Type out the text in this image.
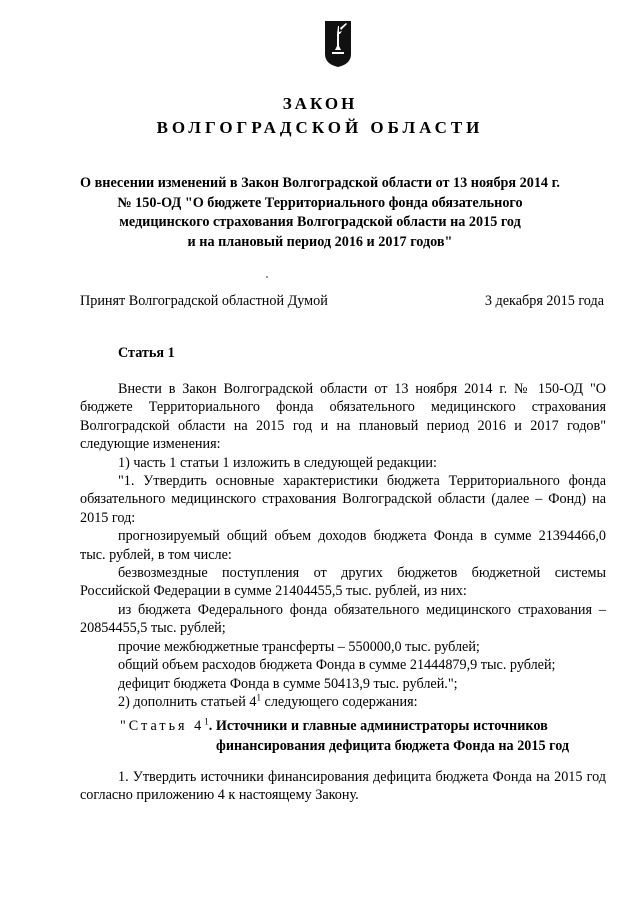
ЗАКОН
ВОЛГОГРАДСКОЙ ОБЛАСТИ
О внесении изменений в Закон Волгоградской области от 13 ноября 2014 г.
№ 150-ОД "О бюджете Территориального фонда обязательного
медицинского страхования Волгоградской области на 2015 год
и на плановый период 2016 и 2017 годов"
Принят Волгоградской областной Думой	3 декабря 2015 года
Статья 1

Внести в Закон Волгоградской области от 13 ноября 2014 г. № 150-ОД "О бюджете Территориального фонда обязательного медицинского страхования Волгоградской области на 2015 год и на плановый период 2016 и 2017 годов" следующие изменения:

1) часть 1 статьи 1 изложить в следующей редакции:

"1. Утвердить основные характеристики бюджета Территориального фонда обязательного медицинского страхования Волгоградской области (далее – Фонд) на 2015 год:

прогнозируемый общий объем доходов бюджета Фонда в сумме 21394466,0 тыс. рублей, в том числе:

безвозмездные поступления от других бюджетов бюджетной системы Российской Федерации в сумме 21404455,5 тыс. рублей, из них:

из бюджета Федерального фонда обязательного медицинского страхования – 20854455,5 тыс. рублей;

прочие межбюджетные трансферты – 550000,0 тыс. рублей;

общий объем расходов бюджета Фонда в сумме 21444879,9 тыс. рублей;

дефицит бюджета Фонда в сумме 50413,9 тыс. рублей.";

2) дополнить статьей $4^1$ следующего содержания:

"Статья $4^1$. Источники и главные администраторы источников
финансирования дефицита бюджета Фонда на 2015 год

1. Утвердить источники финансирования дефицита бюджета Фонда на 2015 год согласно приложению 4 к настоящему Закону.
